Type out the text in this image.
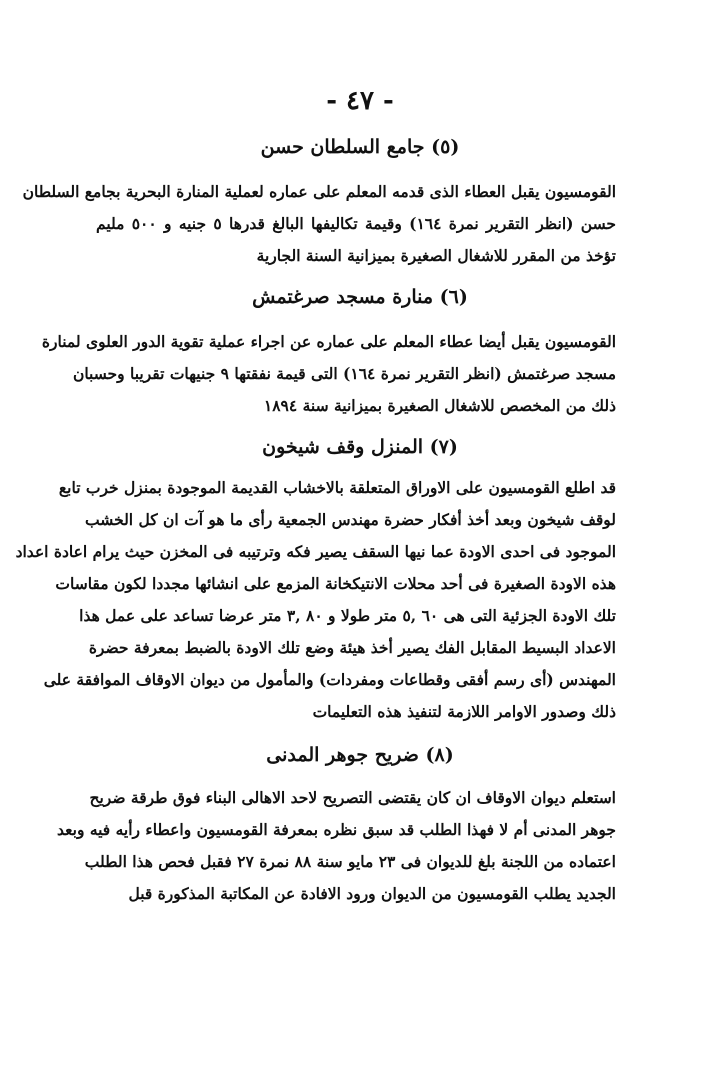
- ٤٧ -
(٥) جامع السلطان حسن
القومسيون يقبل العطاء الذى قدمه المعلم على عماره لعملية المنارة البحرية بجامع السلطان
حسن (انظر التقرير نمرة ١٦٤) وقيمة تكاليفها البالغ قدرها ٥ جنيه و ٥٠٠ مليم
تؤخذ من المقرر للاشغال الصغيرة بميزانية السنة الجارية
(٦) منارة مسجد صرغتمش
القومسيون يقبل أيضا عطاء المعلم على عماره عن اجراء عملية تقوية الدور العلوى لمنارة
مسجد صرغتمش (انظر التقرير نمرة ١٦٤) التى قيمة نفقتها ٩ جنيهات تقريبا وحسبان
ذلك من المخصص للاشغال الصغيرة بميزانية سنة ١٨٩٤
(٧) المنزل وقف شيخون
قد اطلع القومسيون على الاوراق المتعلقة بالاخشاب القديمة الموجودة بمنزل خرب تابع
لوقف شيخون وبعد أخذ أفكار حضرة مهندس الجمعية رأى ما هو آت ان كل الخشب
الموجود فى احدى الاودة عما نيها السقف يصير فكه وترتيبه فى المخزن حيث يرام اعادة اعداد
هذه الاودة الصغيرة فى أحد محلات الانتيكخانة المزمع على انشائها مجددا لكون مقاسات
تلك الاودة الجزئية التى هى ٦٠ ,٥ متر طولا و ٨٠ ,٣ متر عرضا تساعد على عمل هذا
الاعداد البسيط المقابل الفك يصير أخذ هيئة وضع تلك الاودة بالضبط بمعرفة حضرة
المهندس (أى رسم أفقى وقطاعات ومفردات) والمأمول من ديوان الاوقاف الموافقة على
ذلك وصدور الاوامر اللازمة لتنفيذ هذه التعليمات
(٨) ضريح جوهر المدنى
استعلم ديوان الاوقاف ان كان يقتضى التصريح لاحد الاهالى البناء فوق طرقة ضريح
جوهر المدنى أم لا فهذا الطلب قد سبق نظره بمعرفة القومسيون واعطاء رأيه فيه وبعد
اعتماده من اللجنة بلغ للديوان فى ٢٣ مايو سنة ٨٨ نمرة ٢٧ فقبل فحص هذا الطلب
الجديد يطلب القومسيون من الديوان ورود الافادة عن المكاتبة المذكورة قبل
